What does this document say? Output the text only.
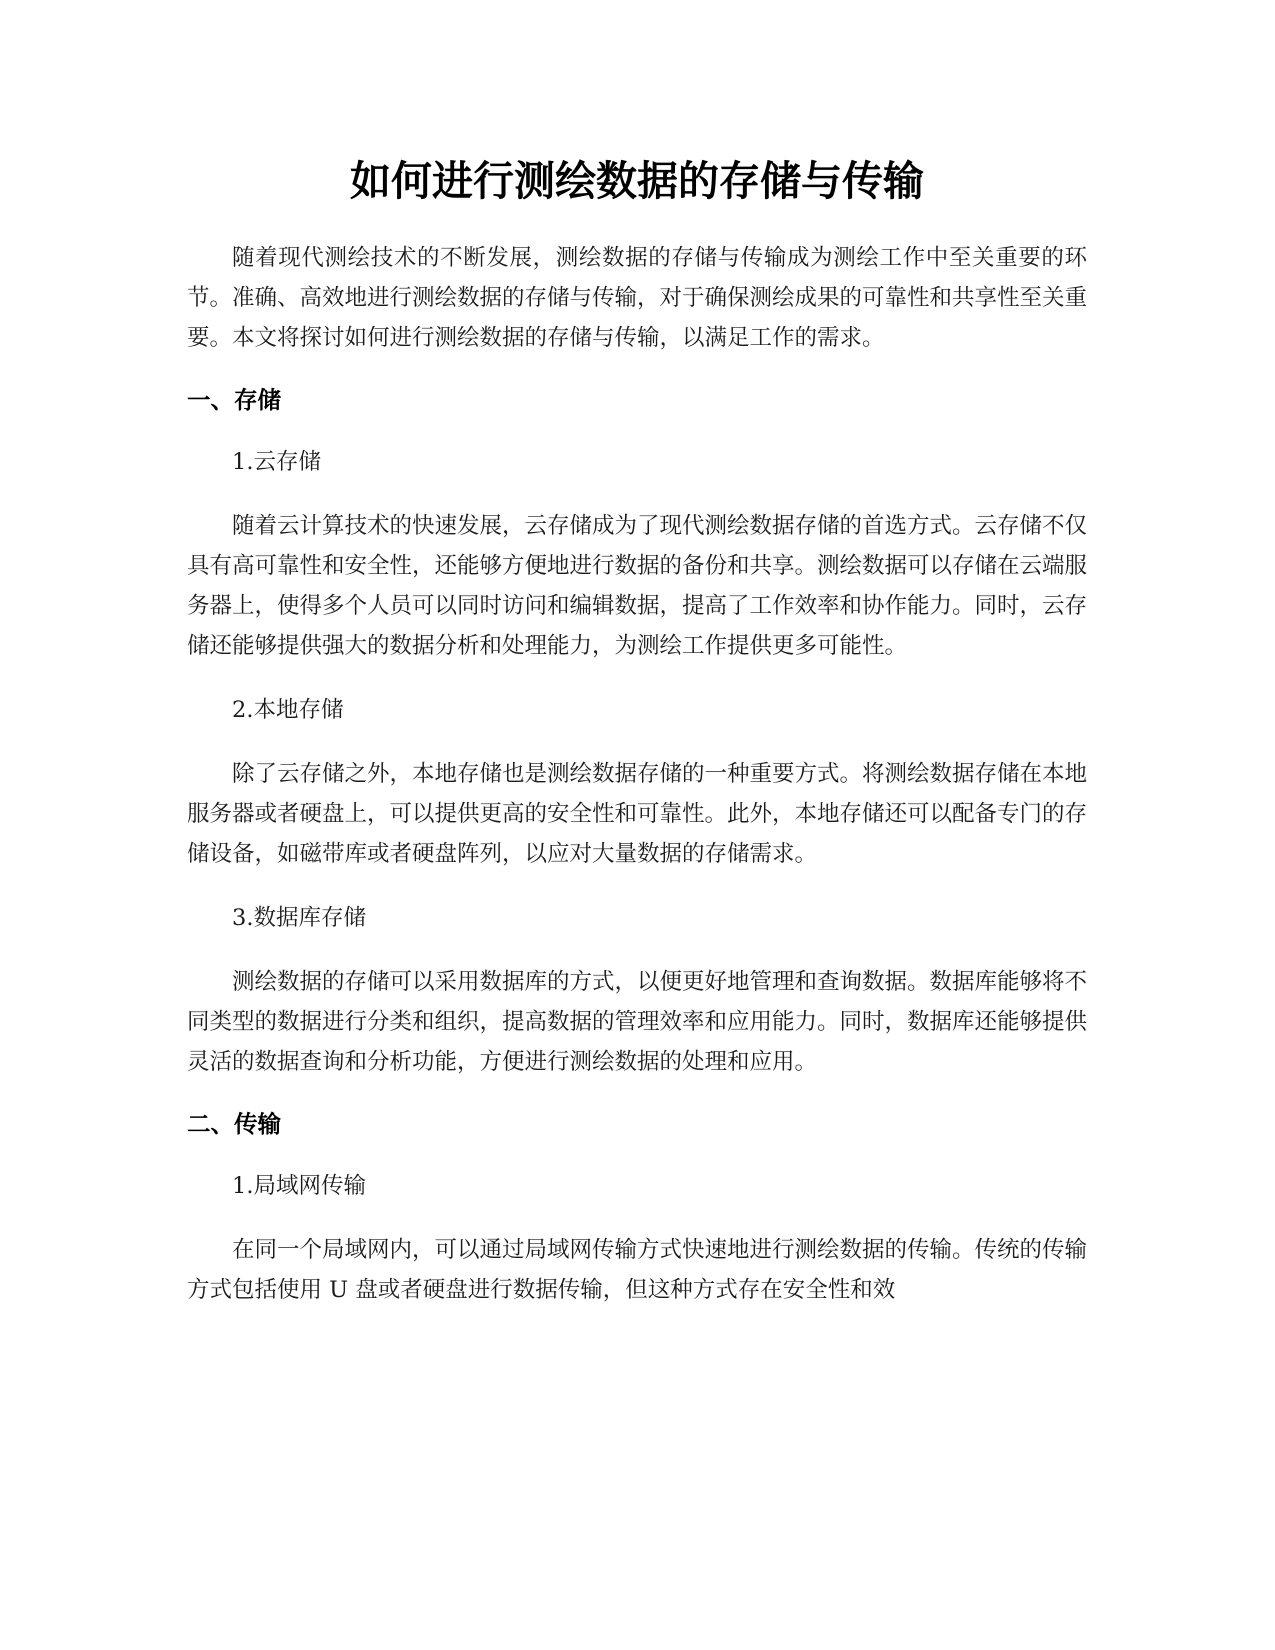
如何进行测绘数据的存储与传输

随着现代测绘技术的不断发展，测绘数据的存储与传输成为测绘工作中至关重要的环节。准确、高效地进行测绘数据的存储与传输，对于确保测绘成果的可靠性和共享性至关重要。本文将探讨如何进行测绘数据的存储与传输，以满足工作的需求。

一、存储

1.云存储

随着云计算技术的快速发展，云存储成为了现代测绘数据存储的首选方式。云存储不仅具有高可靠性和安全性，还能够方便地进行数据的备份和共享。测绘数据可以存储在云端服务器上，使得多个人员可以同时访问和编辑数据，提高了工作效率和协作能力。同时，云存储还能够提供强大的数据分析和处理能力，为测绘工作提供更多可能性。

2.本地存储

除了云存储之外，本地存储也是测绘数据存储的一种重要方式。将测绘数据存储在本地服务器或者硬盘上，可以提供更高的安全性和可靠性。此外，本地存储还可以配备专门的存储设备，如磁带库或者硬盘阵列，以应对大量数据的存储需求。

3.数据库存储

测绘数据的存储可以采用数据库的方式，以便更好地管理和查询数据。数据库能够将不同类型的数据进行分类和组织，提高数据的管理效率和应用能力。同时，数据库还能够提供灵活的数据查询和分析功能，方便进行测绘数据的处理和应用。

二、传输

1.局域网传输

在同一个局域网内，可以通过局域网传输方式快速地进行测绘数据的传输。传统的传输方式包括使用 U 盘或者硬盘进行数据传输，但这种方式存在安全性和效
